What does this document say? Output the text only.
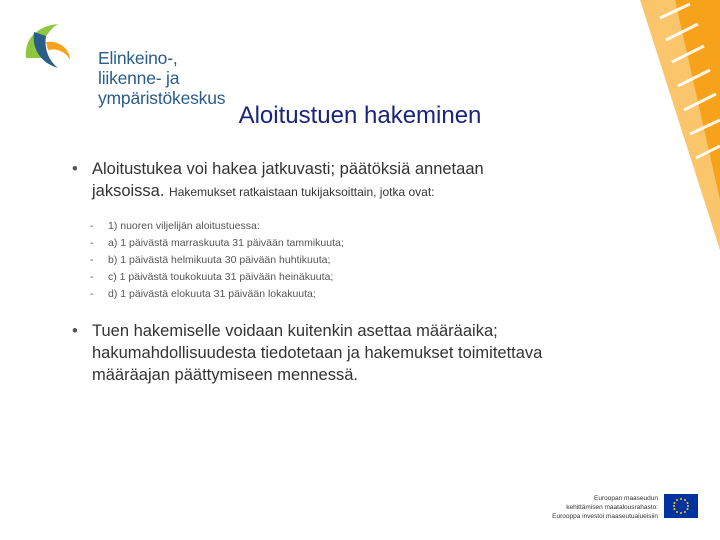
Elinkeino-, liikenne- ja
ympäristökeskus
Aloitustuen hakeminen
• Aloitustukea voi hakea jatkuvasti; päätöksiä annetaan
jaksoissa. Hakemukset ratkaistaan tukijaksoittain, jotka ovat:
-	1) nuoren viljelijän aloitustuessa:
-	a) 1 päivästä marraskuuta 31 päivään tammikuuta;
-	b) 1 päivästä helmikuuta 30 päivään huhtikuuta;
-	c) 1 päivästä toukokuuta 31 päivään heinäkuuta;
-	d) 1 päivästä elokuuta 31 päivään lokakuuta;
• Tuen hakemiselle voidaan kuitenkin asettaa määräaika;
hakumahdollisuudesta tiedotetaan ja hakemukset toimitettava
määräajan päättymiseen mennessä.
Euroopan maaseudun
kehittämisen maatalousrahasto:
Eurooppa investoi maaseutualueisiin
